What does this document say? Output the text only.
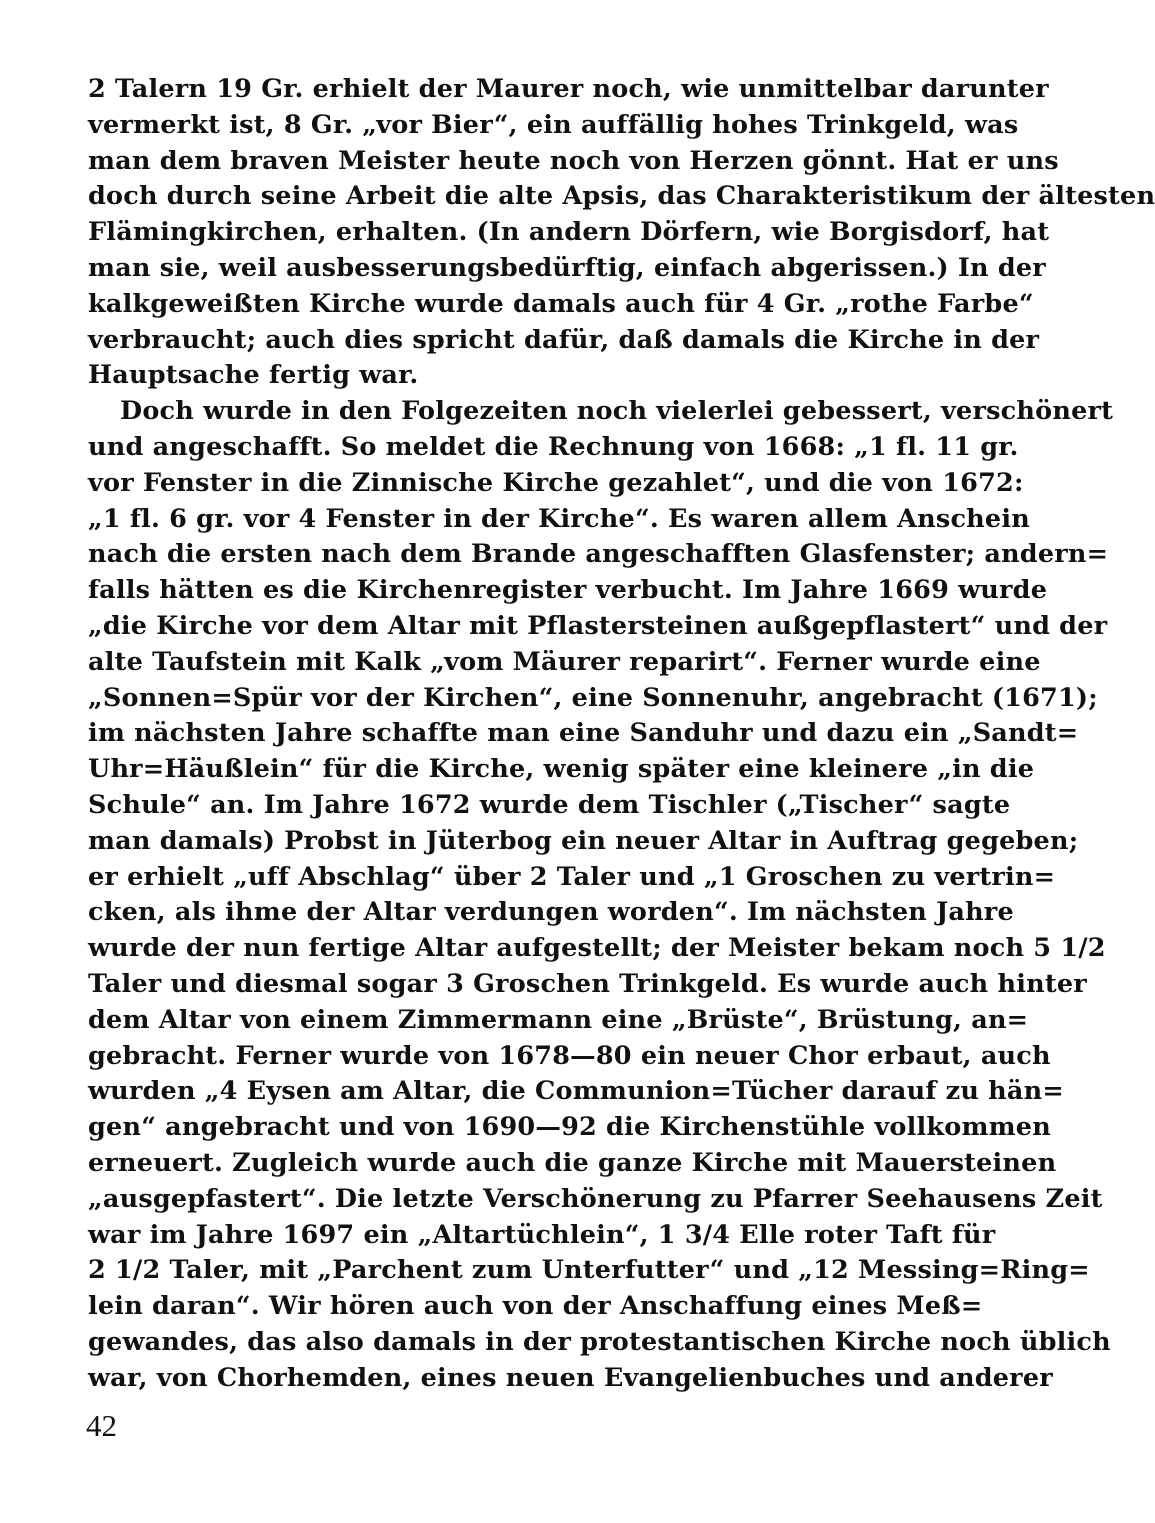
2 Talern 19 Gr. erhielt der Maurer noch, wie unmittelbar darunter
vermerkt ist, 8 Gr. „vor Bier“, ein auffällig hohes Trinkgeld, was
man dem braven Meister heute noch von Herzen gönnt. Hat er uns
doch durch seine Arbeit die alte Apsis, das Charakteristikum der ältesten
Flämingkirchen, erhalten. (In andern Dörfern, wie Borgisdorf, hat
man sie, weil ausbesserungsbedürftig, einfach abgerissen.) In der
kalkgeweißten Kirche wurde damals auch für 4 Gr. „rothe Farbe“
verbraucht; auch dies spricht dafür, daß damals die Kirche in der
Hauptsache fertig war.
Doch wurde in den Folgezeiten noch vielerlei gebessert, verschönert
und angeschafft. So meldet die Rechnung von 1668: „1 fl. 11 gr.
vor Fenster in die Zinnische Kirche gezahlet“, und die von 1672:
„1 fl. 6 gr. vor 4 Fenster in der Kirche“. Es waren allem Anschein
nach die ersten nach dem Brande angeschafften Glasfenster; andern=
falls hätten es die Kirchenregister verbucht. Im Jahre 1669 wurde
„die Kirche vor dem Altar mit Pflastersteinen außgepflastert“ und der
alte Taufstein mit Kalk „vom Mäurer reparirt“. Ferner wurde eine
„Sonnen=Spür vor der Kirchen“, eine Sonnenuhr, angebracht (1671);
im nächsten Jahre schaffte man eine Sanduhr und dazu ein „Sandt=
Uhr=Häußlein“ für die Kirche, wenig später eine kleinere „in die
Schule“ an. Im Jahre 1672 wurde dem Tischler („Tischer“ sagte
man damals) Probst in Jüterbog ein neuer Altar in Auftrag gegeben;
er erhielt „uff Abschlag“ über 2 Taler und „1 Groschen zu vertrin=
cken, als ihme der Altar verdungen worden“. Im nächsten Jahre
wurde der nun fertige Altar aufgestellt; der Meister bekam noch 5 1/2
Taler und diesmal sogar 3 Groschen Trinkgeld. Es wurde auch hinter
dem Altar von einem Zimmermann eine „Brüste“, Brüstung, an=
gebracht. Ferner wurde von 1678—80 ein neuer Chor erbaut, auch
wurden „4 Eysen am Altar, die Communion=Tücher darauf zu hän=
gen“ angebracht und von 1690—92 die Kirchenstühle vollkommen
erneuert. Zugleich wurde auch die ganze Kirche mit Mauersteinen
„ausgepfastert“. Die letzte Verschönerung zu Pfarrer Seehausens Zeit
war im Jahre 1697 ein „Altartüchlein“, 1 3/4 Elle roter Taft für
2 1/2 Taler, mit „Parchent zum Unterfutter“ und „12 Messing=Ring=
lein daran“. Wir hören auch von der Anschaffung eines Meß=
gewandes, das also damals in der protestantischen Kirche noch üblich
war, von Chorhemden, eines neuen Evangelienbuches und anderer
42
